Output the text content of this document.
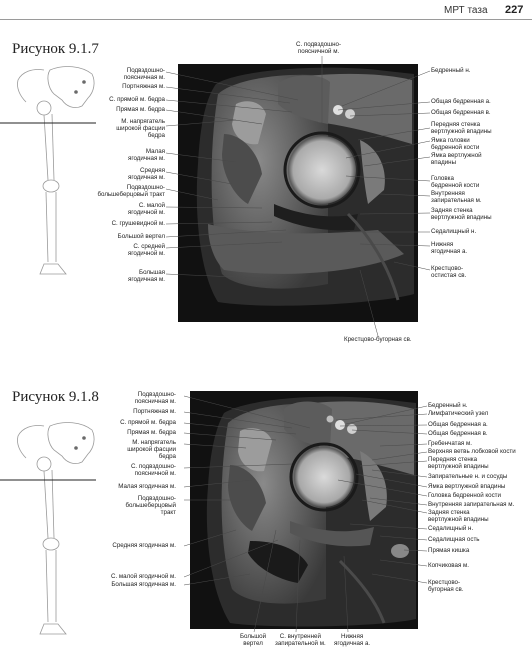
МРТ таза 227
Рисунок 9.1.7	С. подвздошно-
поясничной м.
Подвздошно-
поясничная м.
Портняжная м.
С. прямой м. бедра
Прямая м. бедра
М. напрягатель
широкой фасции
бедра
Малая
ягодичная м.
Средняя
ягодичная м.
Подвздошно-
большеберцовый тракт
С. малой
ягодичной м.
С. грушевидной м.
Большой вертел
С. средней
ягодичной м.
Большая
ягодичная м.
Бедренный н.
Общая бедренная а.
Общая бедренная в.
Передняя стенка
вертлужной впадины
Ямка головки
бедренной кости
Ямка вертлужной
впадины
Головка
бедренной кости
Внутренняя
запирательная м.
Задняя стенка
вертлужной впадины
Седалищный н.
Нижняя
ягодичная а.
Крестцово-
остистая св.
Крестцово-бугорная св.
Рисунок 9.1.8	Подвздошно-
поясничная м.
Портняжная м.
С. прямой м. бедра
Прямая м. бедра
М. напрягатель
широкой фасции
бедра
С. подвздошно-
поясничной м.
Малая ягодичная м.
Подвздошно-
большеберцовый
тракт
Средняя ягодичная м.
С. малой ягодичной м.
Большая ягодичная м.
Бедренный н.
Лимфатический узел
Общая бедренная а.
Общая бедренная в.
Гребенчатая м.
Верхняя ветвь лобковой кости
Передняя стенка
вертлужной впадины
Запирательные н. и сосуды
Ямка вертлужной впадины
Головка бедренной кости
Внутренняя запирательная м.
Задняя стенка
вертлужной впадины
Седалищный н.
Седалищная ость
Прямая кишка
Копчиковая м.
Крестцово-
бугорная св.
Большой
вертел
С. внутренней
запирательной м.
Нижняя
ягодичная а.
